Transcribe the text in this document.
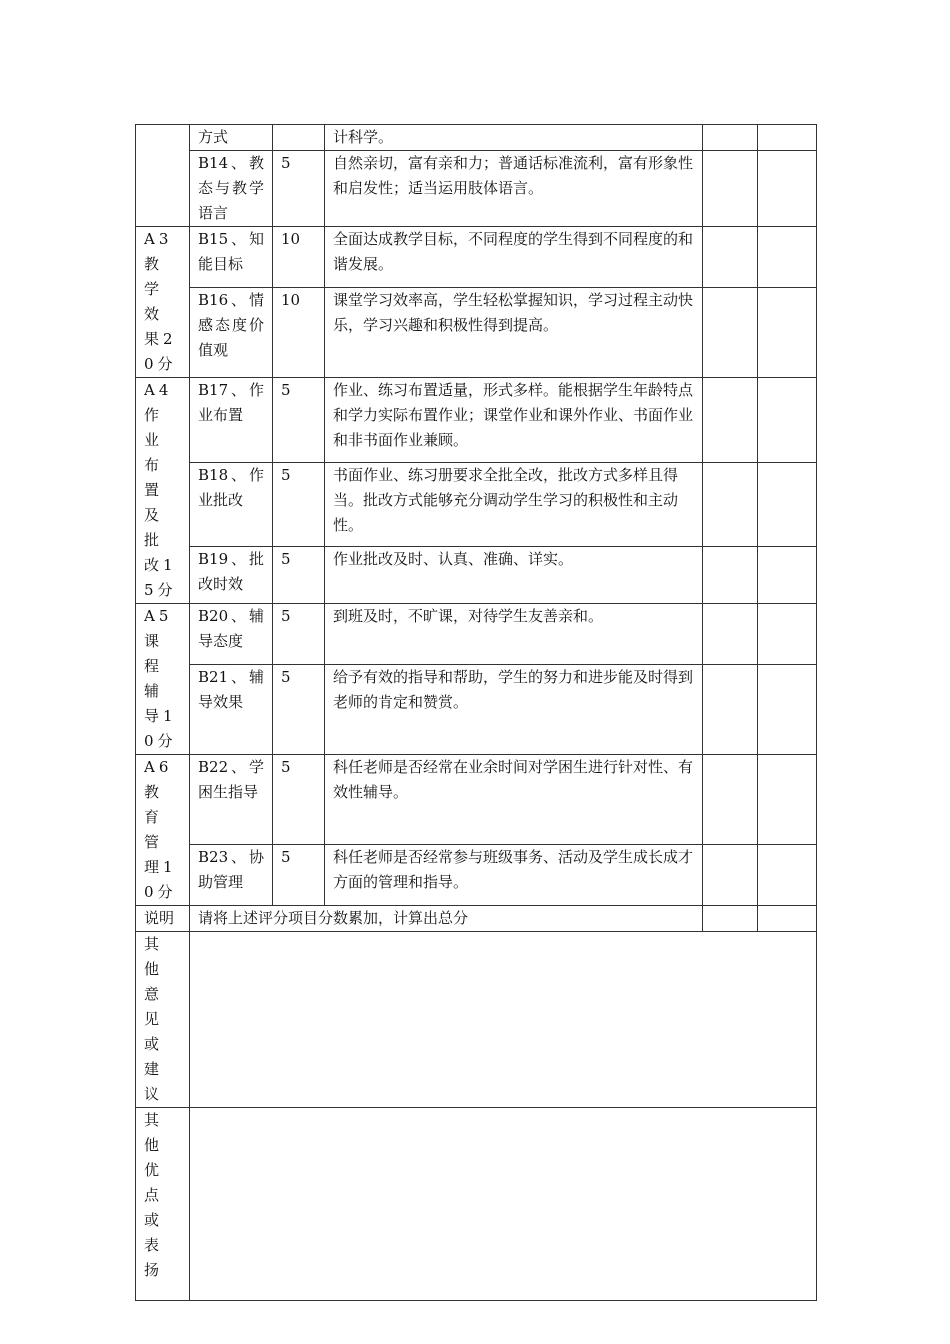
	方式		计科学。		

	B14、教态与教学语言	5	自然亲切，富有亲和力；普通话标准流利，富有形象性和启发性；适当运用肢体语言。		

A3教学效果20分	B15、知能目标	10	全面达成教学目标，不同程度的学生得到不同程度的和谐发展。		

	B16、情感态度价值观	10	课堂学习效率高，学生轻松掌握知识，学习过程主动快乐，学习兴趣和积极性得到提高。		

A4作业布置及批改15分	B17、作业布置	5	作业、练习布置适量，形式多样。能根据学生年龄特点和学力实际布置作业；课堂作业和课外作业、书面作业和非书面作业兼顾。		

	B18、作业批改	5	书面作业、练习册要求全批全改，批改方式多样且得当。批改方式能够充分调动学生学习的积极性和主动性。		

	B19、批改时效	5	作业批改及时、认真、准确、详实。		

A5课程辅导10分	B20、辅导态度	5	到班及时，不旷课，对待学生友善亲和。		

	B21、辅导效果	5	给予有效的指导和帮助，学生的努力和进步能及时得到老师的肯定和赞赏。		

A6教育管理10分	B22、学困生指导	5	科任老师是否经常在业余时间对学困生进行针对性、有效性辅导。		

	B23、协助管理	5	科任老师是否经常参与班级事务、活动及学生成长成才方面的管理和指导。		
说明	请将上述评分项目分数累加，计算出总分				

其他意见或建议					

其他优点或表扬					
